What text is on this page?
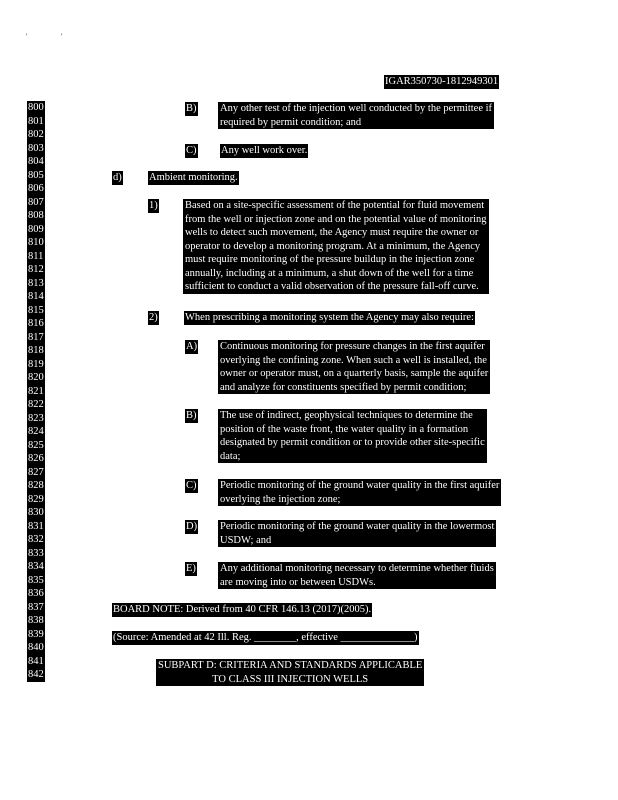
'	'
IGAR350730-1812949301
800
801
802
803
804
805
806
807
808
809
810
811
812
813
814
815
816
817
818
819
820
821
822
823
824
825
826
827
828
829
830
831
832
833
834
835
836
837
838
839
840
841
842
B) Any other test of the injection well conducted by the permittee if
required by permit condition; and
C) Any well work over.
d)	Ambient monitoring.
1)	Based on a site-specific assessment of the potential for fluid movement
from the well or injection zone and on the potential value of monitoring
wells to detect such movement, the Agency must require the owner or
operator to develop a monitoring program. At a minimum, the Agency
must require monitoring of the pressure buildup in the injection zone
annually, including at a minimum, a shut down of the well for a time
sufficient to conduct a valid observation of the pressure fall-off curve.
2)	When prescribing a monitoring system the Agency may also require:
A) Continuous monitoring for pressure changes in the first aquifer
overlying the confining zone. When such a well is installed, the
owner or operator must, on a quarterly basis, sample the aquifer
and analyze for constituents specified by permit condition;
B) The use of indirect, geophysical techniques to determine the
position of the waste front, the water quality in a formation
designated by permit condition or to provide other site-specific
data;
C) Periodic monitoring of the ground water quality in the first aquifer
overlying the injection zone;
D) Periodic monitoring of the ground water quality in the lowermost
USDW; and
E) Any additional monitoring necessary to determine whether fluids
are moving into or between USDWs.
BOARD NOTE: Derived from 40 CFR 146.13 (2017)(2005).
(Source: Amended at 42 Ill. Reg. ________, effective ______________)
SUBPART D: CRITERIA AND STANDARDS APPLICABLE
TO CLASS III INJECTION WELLS
